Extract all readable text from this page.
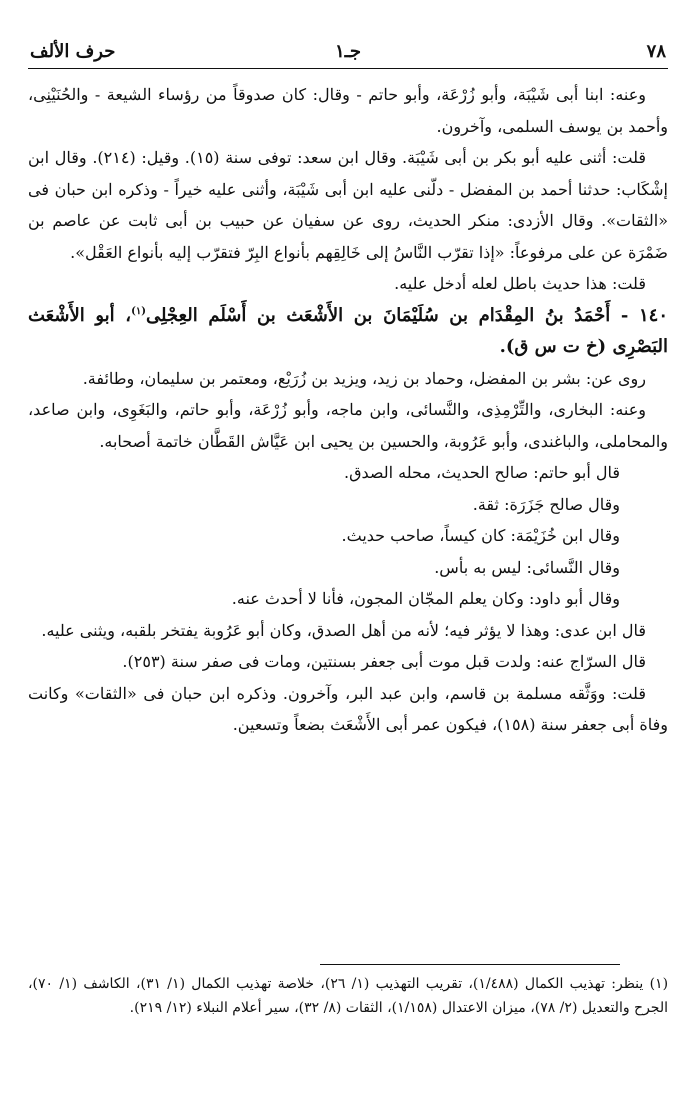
٧٨
جـ١
حرف الألف

وعنه: ابنا أبى شَيْبَة، وأبو زُرْعَة، وأبو حاتم - وقال: كان صدوقاً من رؤساء الشيعة - والحُنَيْنِى، وأحمد بن يوسف السلمى، وآخرون.

قلت: أثنى عليه أبو بكر بن أبى شَيْبَة. وقال ابن سعد: توفى سنة (١٥). وقيل: (٢١٤). وقال ابن إشْكَاب: حدثنا أحمد بن المفضل - دلّنى عليه ابن أبى شَيْبَة، وأثنى عليه خيراً - وذكره ابن حبان فى «الثقات». وقال الأزدى: منكر الحديث، روى عن سفيان عن حبيب بن أبى ثابت عن عاصم بن ضَمْرَة عن على مرفوعاً: «إذا تقرّب النَّاسُ إلى خَالِقِهم بأنواع البِرّ فتقرّب إليه بأنواع العَقْل».

قلت: هذا حديث باطل لعله أدخل عليه.

١٤٠ - أَحْمَدُ بنُ المِقْدَام بن سُلَيْمَانَ بن الأَشْعَث بن أَسْلَم العِجْلِى$^{(١)}$، أبو الأَشْعَث البَصْرِى (خ ت س ق).

روى عن: بشر بن المفضل، وحماد بن زيد، ويزيد بن زُرَيْع، ومعتمر بن سليمان، وطائفة.

وعنه: البخارى، والتِّرْمِذِى، والنَّسائى، وابن ماجه، وأبو زُرْعَة، وأبو حاتم، والبَغَوِى، وابن صاعد، والمحاملى، والباغندى، وأبو عَرُوبة، والحسين بن يحيى ابن عَيَّاش القَطَّان خاتمة أصحابه.

قال أبو حاتم: صالح الحديث، محله الصدق.

وقال صالح جَزَرَة: ثقة.

وقال ابن خُزَيْمَة: كان كيساً، صاحب حديث.

وقال النَّسائى: ليس به بأس.

وقال أبو داود: وكان يعلم المجّان المجون، فأنا لا أحدث عنه.

قال ابن عدى: وهذا لا يؤثر فيه؛ لأنه من أهل الصدق، وكان أبو عَرُوبة يفتخر بلقبه، ويثنى عليه.

قال السرّاج عنه: ولدت قبل موت أبى جعفر بسنتين، ومات فى صفر سنة (٢٥٣).

قلت: ووَثَّقه مسلمة بن قاسم، وابن عبد البر، وآخرون. وذكره ابن حبان فى «الثقات» وكانت وفاة أبى جعفر سنة (١٥٨)، فيكون عمر أبى الأَشْعَث بضعاً وتسعين.

(١) ينظر: تهذيب الكمال (١/٤٨٨)، تقريب التهذيب (١/ ٢٦)، خلاصة تهذيب الكمال (١/ ٣١)، الكاشف (١/ ٧٠)، الجرح والتعديل (٢/ ٧٨)، ميزان الاعتدال (١/١٥٨)، الثقات (٨/ ٣٢)، سير أعلام النبلاء (١٢/ ٢١٩).
